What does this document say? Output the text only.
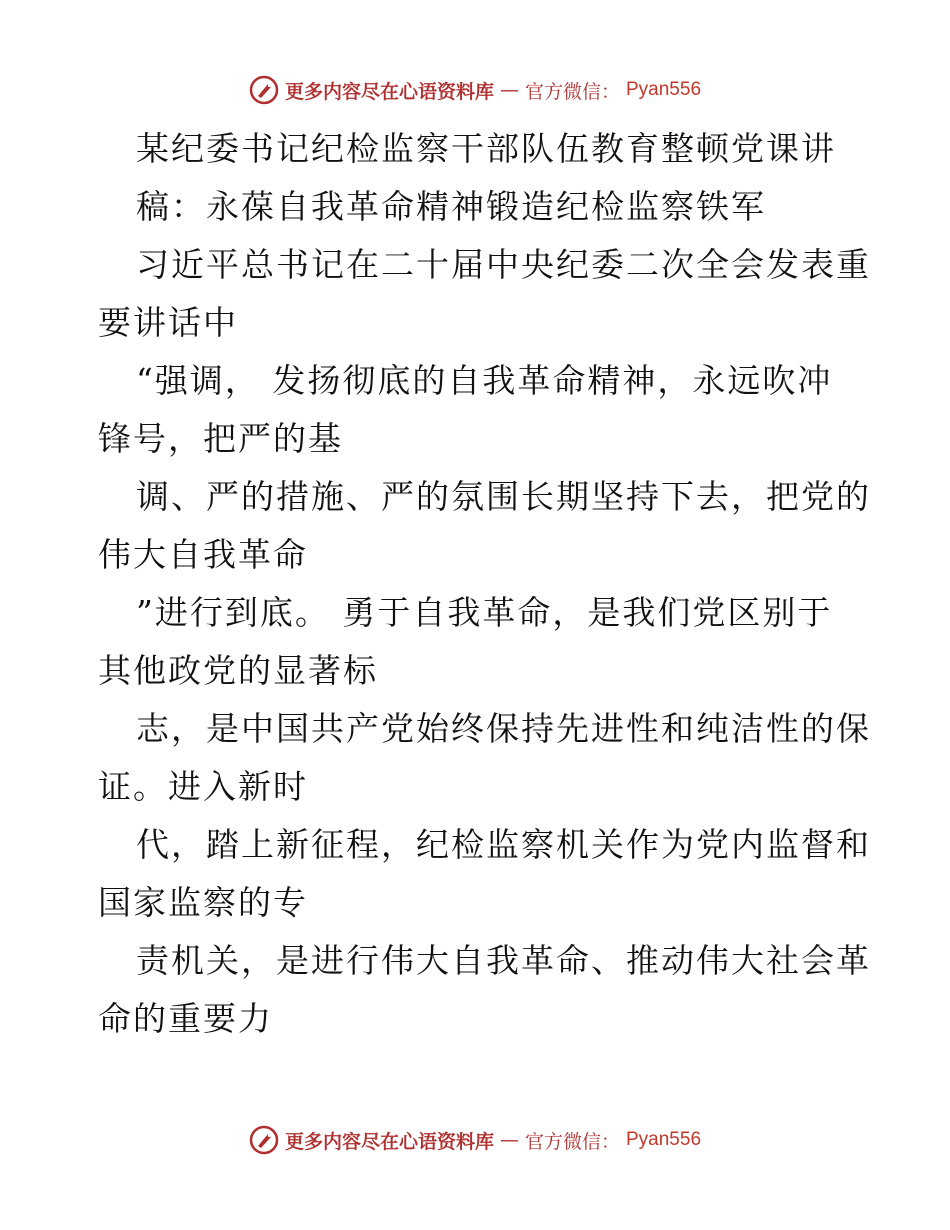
更多内容尽在心语资料库 — 官方微信： Pyan556
某纪委书记纪检监察干部队伍教育整顿党课讲
稿：永葆自我革命精神锻造纪检监察铁军
习近平总书记在二十届中央纪委二次全会发表重
要讲话中
“强调， 发扬彻底的自我革命精神，永远吹冲
锋号，把严的基
调、严的措施、严的氛围长期坚持下去，把党的
伟大自我革命
”进行到底。 勇于自我革命，是我们党区别于
其他政党的显著标
志，是中国共产党始终保持先进性和纯洁性的保
证。进入新时
代，踏上新征程，纪检监察机关作为党内监督和
国家监察的专
责机关，是进行伟大自我革命、推动伟大社会革
命的重要力
更多内容尽在心语资料库 — 官方微信： Pyan556
